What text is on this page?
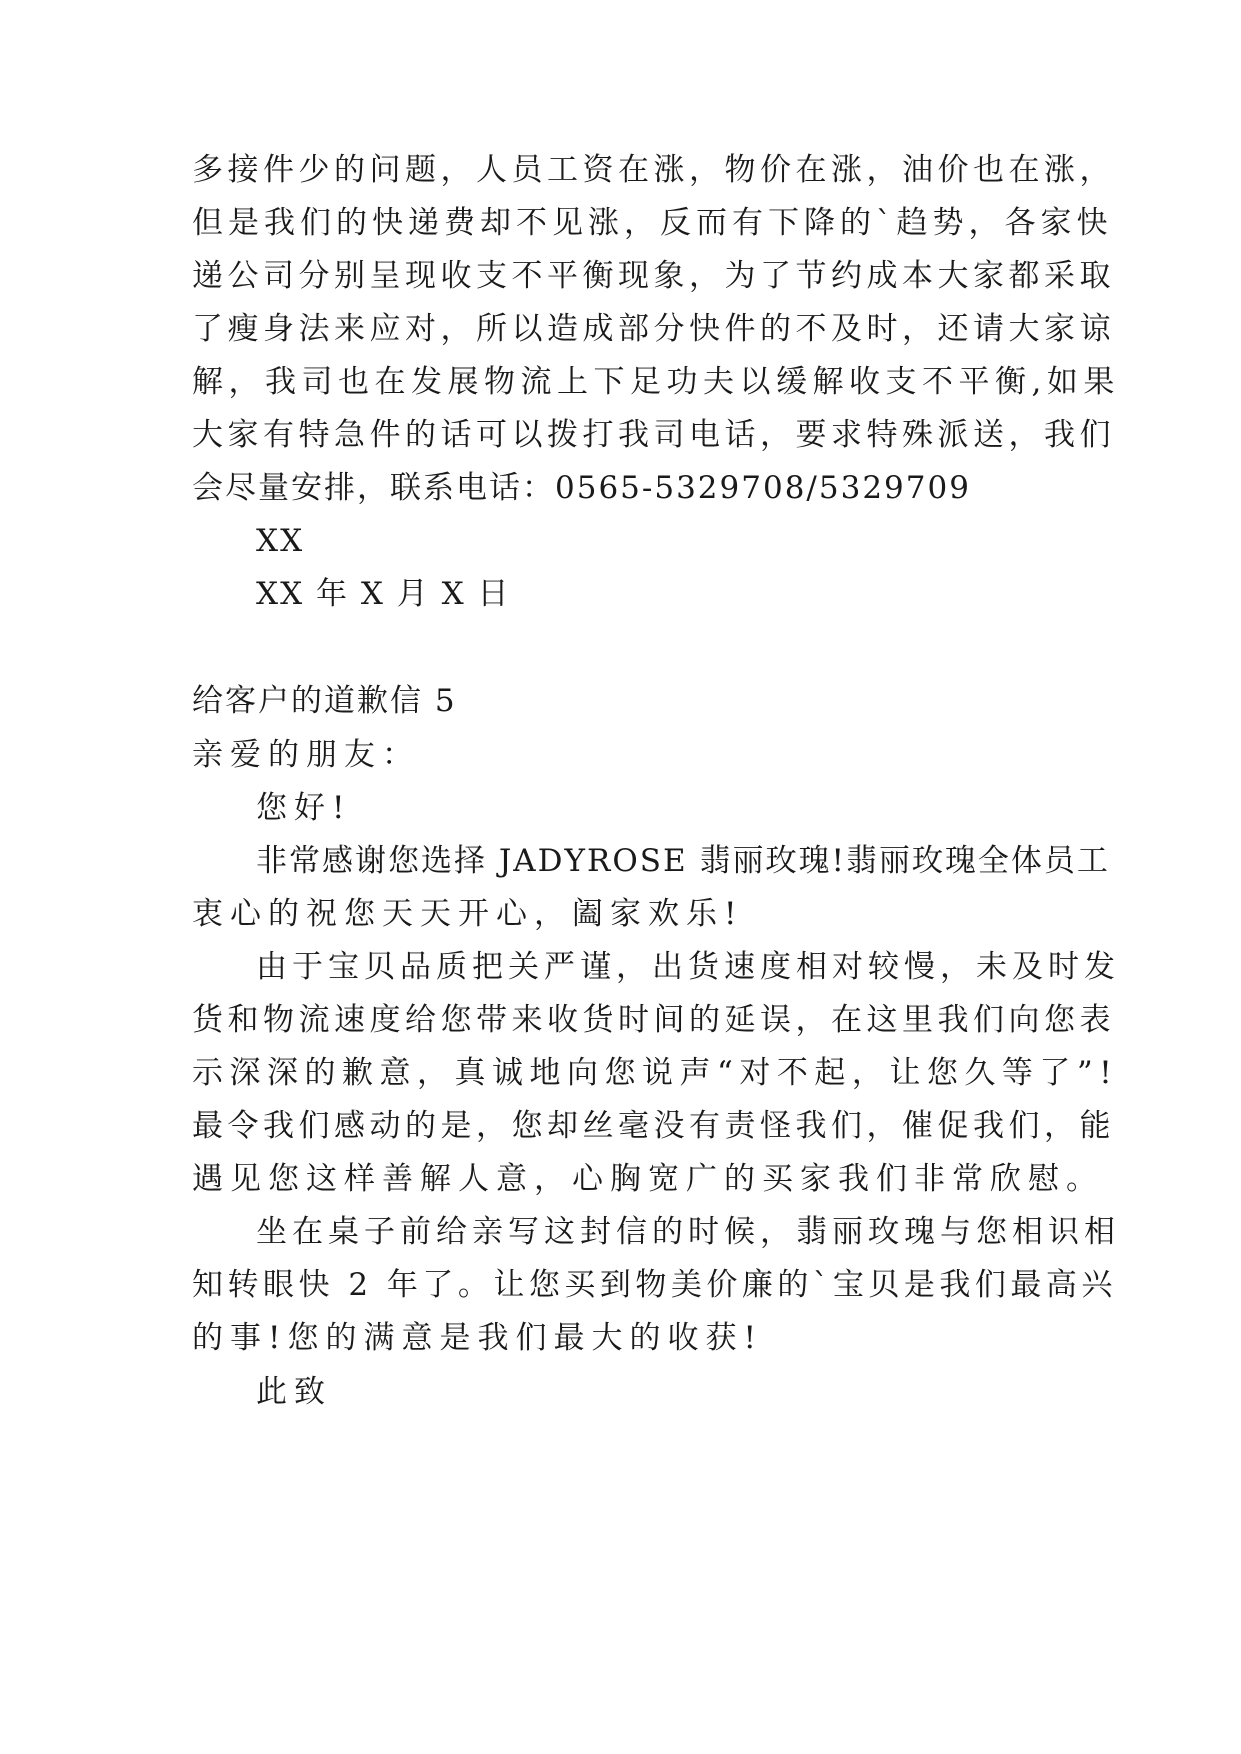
多接件少的问题，人员工资在涨，物价在涨，油价也在涨，
但是我们的快递费却不见涨，反而有下降的`趋势，各家快
递公司分别呈现收支不平衡现象，为了节约成本大家都采取
了瘦身法来应对，所以造成部分快件的不及时，还请大家谅
解，我司也在发展物流上下足功夫以缓解收支不平衡,如果
大家有特急件的话可以拨打我司电话，要求特殊派送，我们
会尽量安排，联系电话：0565-5329708/5329709
XX
XX 年 X 月 X 日
给客户的道歉信 5
亲爱的朋友：
您好!
非常感谢您选择 JADYROSE 翡丽玫瑰!翡丽玫瑰全体员工
衷心的祝您天天开心，阖家欢乐!
由于宝贝品质把关严谨，出货速度相对较慢，未及时发
货和物流速度给您带来收货时间的延误，在这里我们向您表
示深深的歉意，真诚地向您说声“对不起，让您久等了”!
最令我们感动的是，您却丝毫没有责怪我们，催促我们，能
遇见您这样善解人意，心胸宽广的买家我们非常欣慰。
坐在桌子前给亲写这封信的时候，翡丽玫瑰与您相识相
知转眼快 2 年了。让您买到物美价廉的`宝贝是我们最高兴
的事!您的满意是我们最大的收获!
此致
